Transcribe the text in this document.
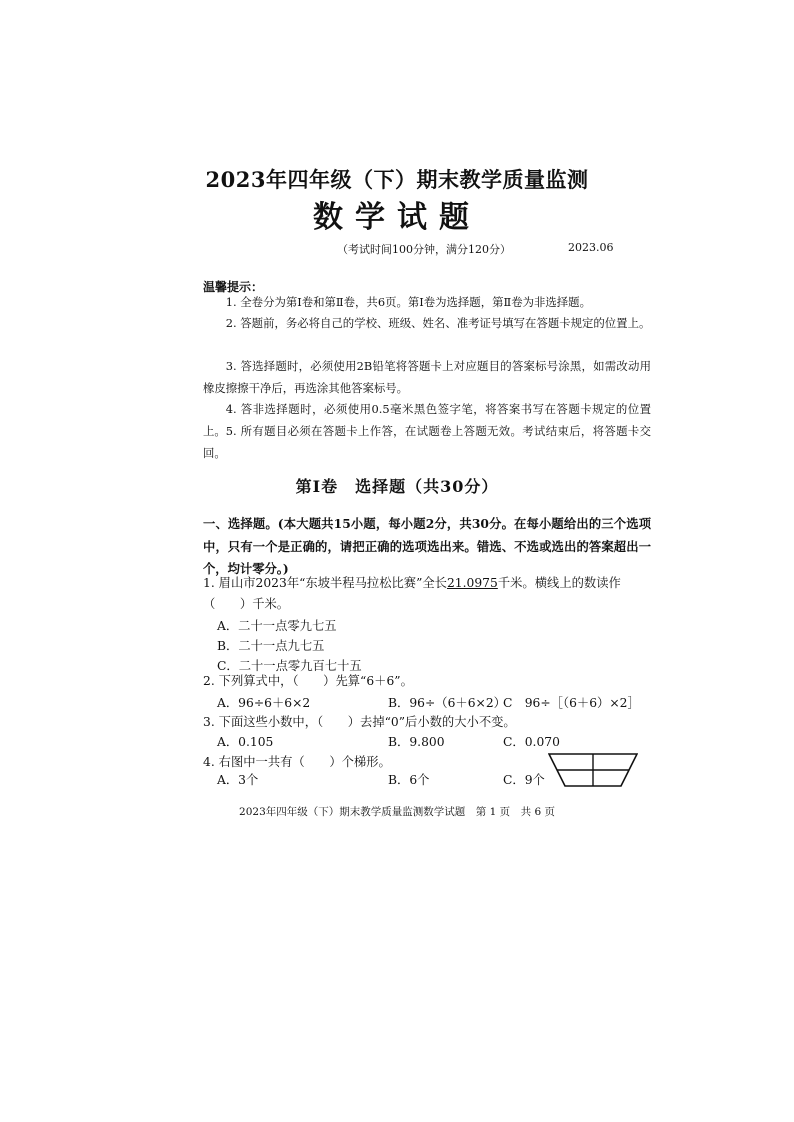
2023年四年级（下）期末教学质量监测
数学试题
（考试时间100分钟，满分120分）	2023.06
温馨提示：
1. 全卷分为第Ⅰ卷和第Ⅱ卷，共6页。第Ⅰ卷为选择题，第Ⅱ卷为非选择题。
2. 答题前，务必将自己的学校、班级、姓名、准考证号填写在答题卡规定的位置上。
3. 答选择题时，必须使用2B铅笔将答题卡上对应题目的答案标号涂黑，如需改动用橡皮擦擦干净后，再选涂其他答案标号。
4. 答非选择题时，必须使用0.5毫米黑色签字笔，将答案书写在答题卡规定的位置上。 5. 所有题目必须在答题卡上作答，在试题卷上答题无效。考试结束后，将答题卡交回。
第Ⅰ卷　选择题（共30分）
一、选择题。(本大题共15小题，每小题2分，共30分。在每小题给出的三个选项中，只有一个是正确的，请把正确的选项选出来。错选、不选或选出的答案超出一个，均计零分。)
1. 眉山市2023年“东坡半程马拉松比赛”全长21.0975千米。横线上的数读作
（　　）千米。
A．二十一点零九七五
B．二十一点九七五
C．二十一点零九百七十五
2. 下列算式中，（　　）先算“6＋6”。
A．96÷6＋6×2	B．96÷（6＋6×2）
C　96÷［（6＋6）×2］
3. 下面这些小数中，（　　）去掉“0”后小数的大小不变。
A．0.105	B．9.800	C．0.070
4. 右图中一共有（　　）个梯形。
A．3个	B．6个	C．9个
2023年四年级（下）期末教学质量监测数学试题　第 1 页　共 6 页
